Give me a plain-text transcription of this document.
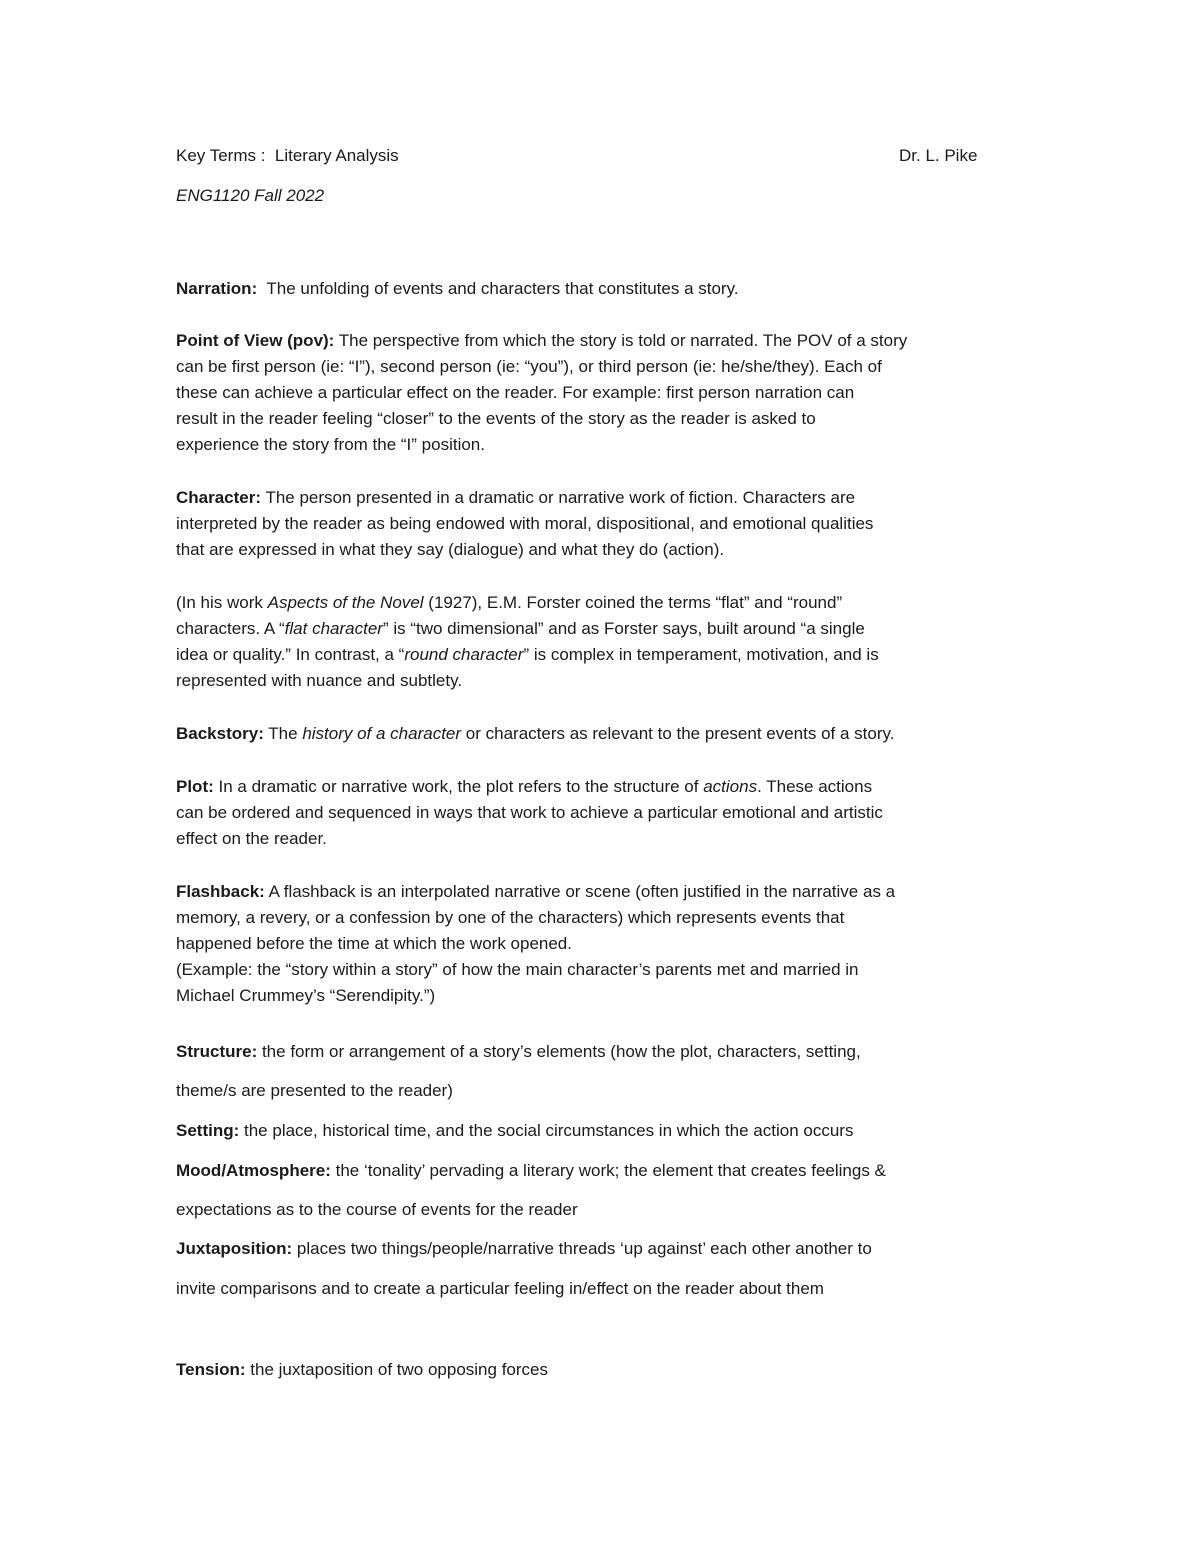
Key Terms :  Literary Analysis	Dr. L. Pike
ENG1120 Fall 2022
Narration:  The unfolding of events and characters that constitutes a story.
Point of View (pov): The perspective from which the story is told or narrated. The POV of a story
can be first person (ie: “I”), second person (ie: “you”), or third person (ie: he/she/they). Each of
these can achieve a particular effect on the reader. For example: first person narration can
result in the reader feeling “closer” to the events of the story as the reader is asked to
experience the story from the “I” position.
Character: The person presented in a dramatic or narrative work of fiction. Characters are
interpreted by the reader as being endowed with moral, dispositional, and emotional qualities
that are expressed in what they say (dialogue) and what they do (action).
(In his work Aspects of the Novel (1927), E.M. Forster coined the terms “flat” and “round”
characters. A “flat character” is “two dimensional” and as Forster says, built around “a single
idea or quality.” In contrast, a “round character” is complex in temperament, motivation, and is
represented with nuance and subtlety.
Backstory: The history of a character or characters as relevant to the present events of a story.
Plot: In a dramatic or narrative work, the plot refers to the structure of actions. These actions
can be ordered and sequenced in ways that work to achieve a particular emotional and artistic
effect on the reader.
Flashback: A flashback is an interpolated narrative or scene (often justified in the narrative as a
memory, a revery, or a confession by one of the characters) which represents events that
happened before the time at which the work opened.
(Example: the “story within a story” of how the main character’s parents met and married in
Michael Crummey’s “Serendipity.”)
Structure: the form or arrangement of a story’s elements (how the plot, characters, setting,
theme/s are presented to the reader)
Setting: the place, historical time, and the social circumstances in which the action occurs
Mood/Atmosphere: the ‘tonality’ pervading a literary work; the element that creates feelings &
expectations as to the course of events for the reader
Juxtaposition: places two things/people/narrative threads ‘up against’ each other another to
invite comparisons and to create a particular feeling in/effect on the reader about them
Tension: the juxtaposition of two opposing forces
